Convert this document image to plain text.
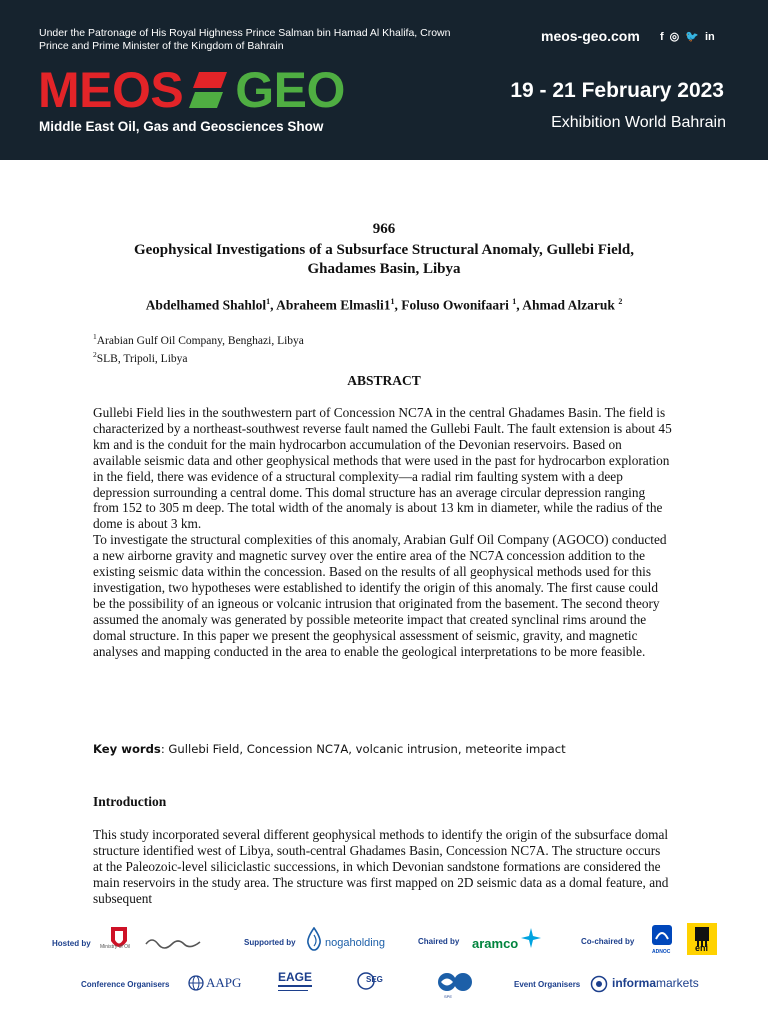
Under the Patronage of His Royal Highness Prince Salman bin Hamad Al Khalifa, Crown Prince and Prime Minister of the Kingdom of Bahrain
meos-geo.com f ◎ 🐦 in
MEOS GEO
Middle East Oil, Gas and Geosciences Show
19 - 21 February 2023
Exhibition World Bahrain
966
Geophysical Investigations of a Subsurface Structural Anomaly, Gullebi Field, Ghadames Basin, Libya
Abdelhamed Shahlol$^1$, Abraheem $Elmasli1^1$, Foluso Owonifaari $^1$, Ahmad Alzaruk $^2$
$^1$Arabian Gulf Oil Company, Benghazi, Libya
$^2$SLB, Tripoli, Libya
ABSTRACT

Gullebi Field lies in the southwestern part of Concession NC7A in the central Ghadames Basin. The field is characterized by a northeast-southwest reverse fault named the Gullebi Fault. The fault extension is about 45 km and is the conduit for the main hydrocarbon accumulation of the Devonian reservoirs. Based on available seismic data and other geophysical methods that were used in the past for hydrocarbon exploration in the field, there was evidence of a structural complexity—a radial rim faulting system with a deep depression surrounding a central dome. This domal structure has an average circular depression ranging from 152 to 305 m deep. The total width of the anomaly is about 13 km in diameter, while the radius of the dome is about 3 km.

To investigate the structural complexities of this anomaly, Arabian Gulf Oil Company (AGOCO) conducted a new airborne gravity and magnetic survey over the entire area of the NC7A concession addition to the existing seismic data within the concession. Based on the results of all geophysical methods used for this investigation, two hypotheses were established to identify the origin of this anomaly. The first cause could be the possibility of an igneous or volcanic intrusion that originated from the basement. The second theory assumed the anomaly was generated by possible meteorite impact that created synclinal rims around the domal structure. In this paper we present the geophysical assessment of seismic, gravity, and magnetic analyses and mapping conducted in the area to enable the geological interpretations to be more feasible.

Key words: Gullebi Field, Concession NC7A, volcanic intrusion, meteorite impact
Introduction

This study incorporated several different geophysical methods to identify the origin of the subsurface domal structure identified west of Libya, south-central Ghadames Basin, Concession NC7A. The structure occurs at the Paleozoic-level siliciclastic successions, in which Devonian sandstone formations are considered the main reservoirs in the study area. The structure was first mapped on 2D seismic data as a domal feature, and subsequent

Hosted by Ministry of Oil	Supported by	nogaholding	Chaired by aramco	Co-chaired by
ADNOC	eni
Conference Organisers	AAPG	EAGE	SEG
SPE
Event Organisers	informamarkets
